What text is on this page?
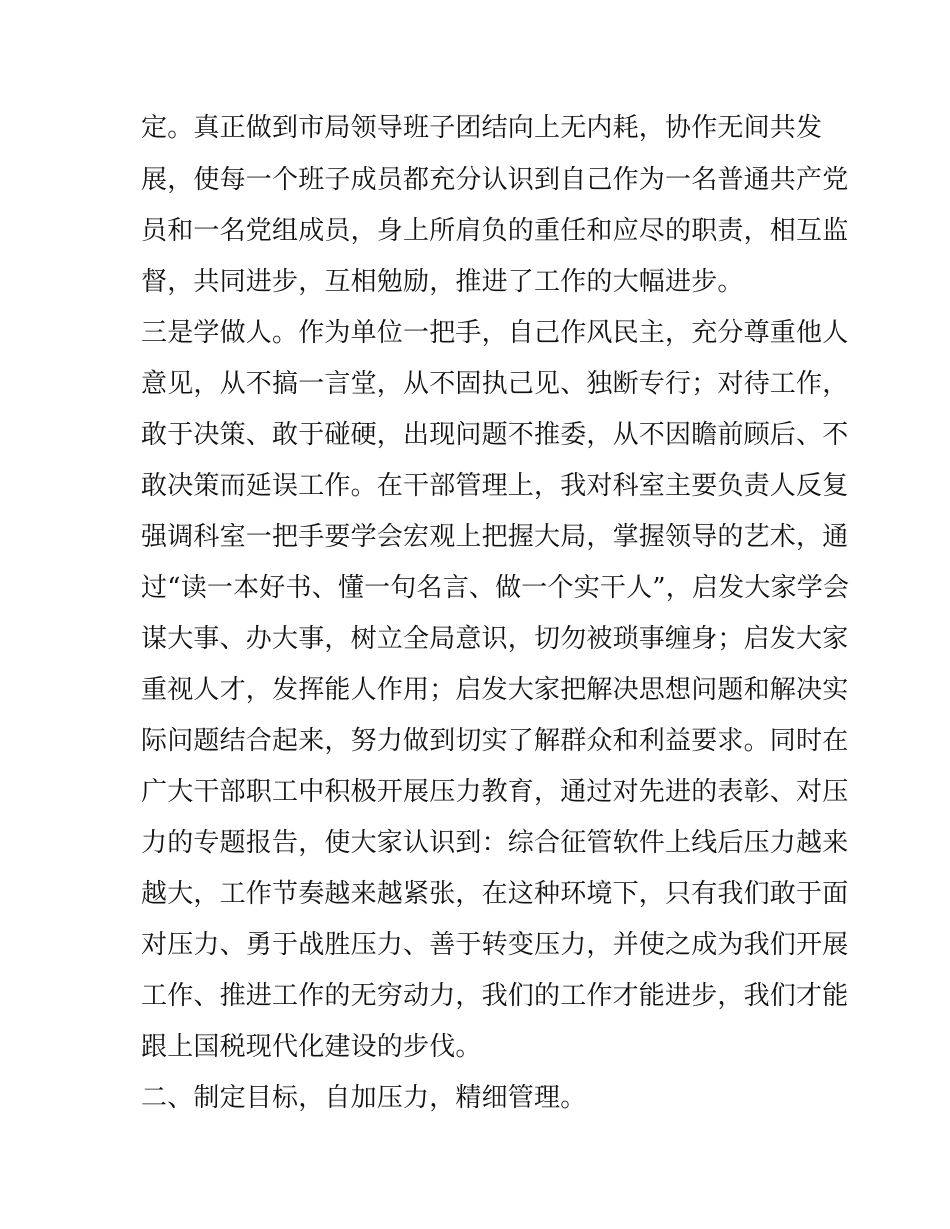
定。真正做到市局领导班子团结向上无内耗，协作无间共发
展，使每一个班子成员都充分认识到自己作为一名普通共产党
员和一名党组成员，身上所肩负的重任和应尽的职责，相互监
督，共同进步，互相勉励，推进了工作的大幅进步。
三是学做人。作为单位一把手，自己作风民主，充分尊重他人
意见，从不搞一言堂，从不固执己见、独断专行；对待工作，
敢于决策、敢于碰硬，出现问题不推委，从不因瞻前顾后、不
敢决策而延误工作。在干部管理上，我对科室主要负责人反复
强调科室一把手要学会宏观上把握大局，掌握领导的艺术，通
过“读一本好书、懂一句名言、做一个实干人”，启发大家学会
谋大事、办大事，树立全局意识，切勿被琐事缠身；启发大家
重视人才，发挥能人作用；启发大家把解决思想问题和解决实
际问题结合起来，努力做到切实了解群众和利益要求。同时在
广大干部职工中积极开展压力教育，通过对先进的表彰、对压
力的专题报告，使大家认识到：综合征管软件上线后压力越来
越大，工作节奏越来越紧张，在这种环境下，只有我们敢于面
对压力、勇于战胜压力、善于转变压力，并使之成为我们开展
工作、推进工作的无穷动力，我们的工作才能进步，我们才能
跟上国税现代化建设的步伐。
二、制定目标，自加压力，精细管理。
